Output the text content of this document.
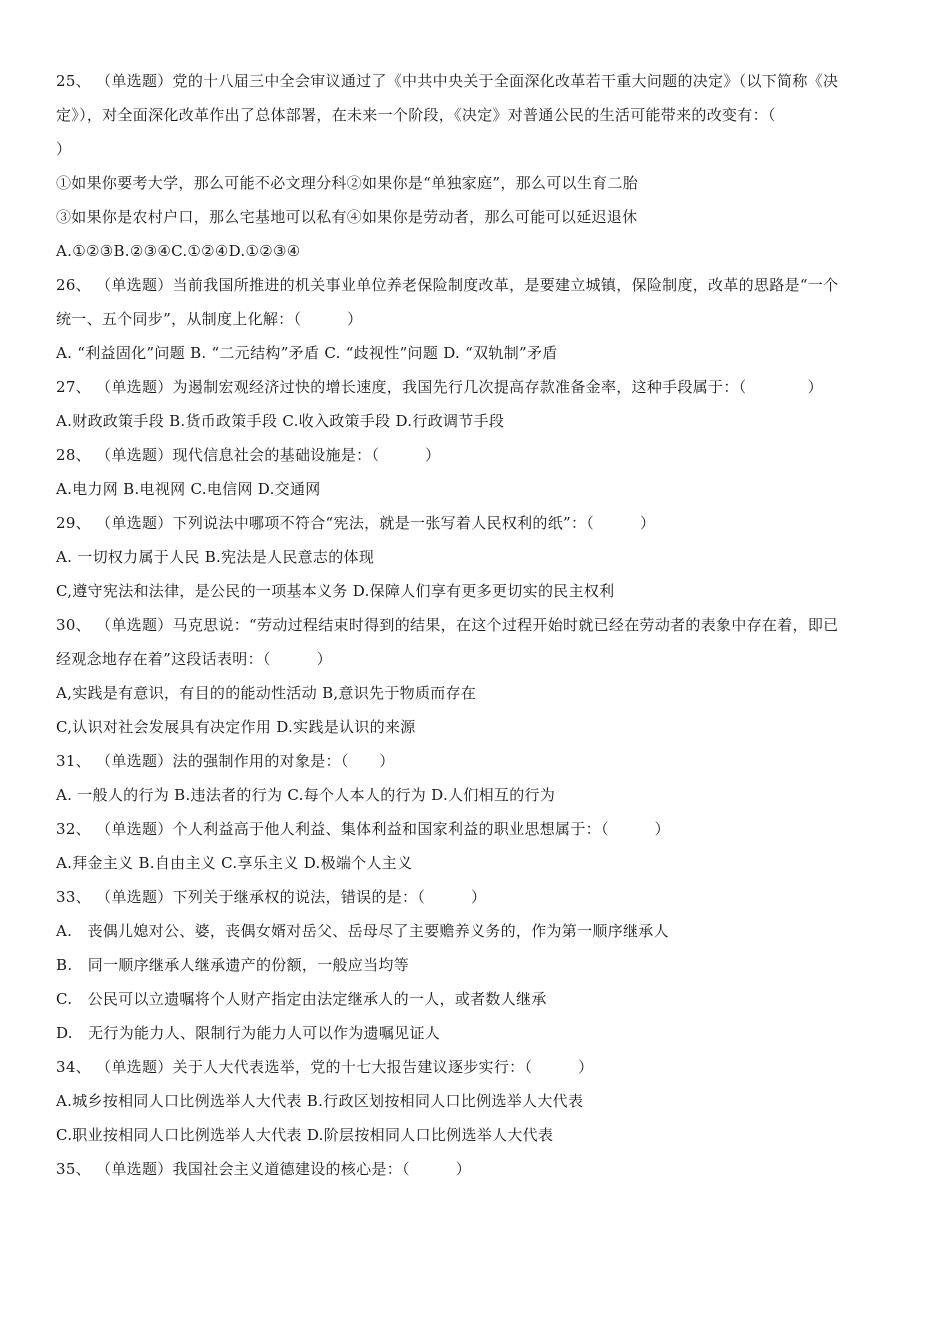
25、 （单选题）党的十八届三中全会审议通过了《中共中央关于全面深化改革若干重大问题的决定》（以下简称《决
定》），对全面深化改革作出了总体部署，在未来一个阶段，《决定》对普通公民的生活可能带来的改变有：（
）
①如果你要考大学，那么可能不必文理分科②如果你是“单独家庭”，那么可以生育二胎
③如果你是农村户口，那么宅基地可以私有④如果你是劳动者，那么可能可以延迟退休
A.①②③B.②③④C.①②④D.①②③④
26、 （单选题）当前我国所推进的机关事业单位养老保险制度改革，是要建立城镇，保险制度，改革的思路是“一个
统一、五个同步”，从制度上化解：（　　　）
A. “利益固化”问题 B. “二元结构”矛盾 C. “歧视性”问题 D. “双轨制”矛盾
27、 （单选题）为遏制宏观经济过快的增长速度，我国先行几次提高存款准备金率，这种手段属于：（　　　　）
A.财政政策手段 B.货币政策手段 C.收入政策手段 D.行政调节手段
28、 （单选题）现代信息社会的基础设施是：（　　　）
A.电力网 B.电视网 C.电信网 D.交通网
29、 （单选题）下列说法中哪项不符合“宪法，就是一张写着人民权利的纸”：（　　　）
A. 一切权力属于人民 B.宪法是人民意志的体现
C,遵守宪法和法律，是公民的一项基本义务 D.保障人们享有更多更切实的民主权利
30、 （单选题）马克思说：“劳动过程结束时得到的结果，在这个过程开始时就已经在劳动者的表象中存在着，即已
经观念地存在着”这段话表明：（　　　）
A,实践是有意识，有目的的能动性活动 B,意识先于物质而存在
C,认识对社会发展具有决定作用 D.实践是认识的来源
31、 （单选题）法的强制作用的对象是：（　　）
A. 一般人的行为 B.违法者的行为 C.每个人本人的行为 D.人们相互的行为
32、 （单选题）个人利益高于他人利益、集体利益和国家利益的职业思想属于：（　　　）
A.拜金主义 B.自由主义 C.享乐主义 D.极端个人主义
33、 （单选题）下列关于继承权的说法，错误的是：（　　　）
A.　丧偶儿媳对公、婆，丧偶女婿对岳父、岳母尽了主要赡养义务的，作为第一顺序继承人
B.　同一顺序继承人继承遗产的份额，一般应当均等
C.　公民可以立遗嘱将个人财产指定由法定继承人的一人，或者数人继承
D.　无行为能力人、限制行为能力人可以作为遗嘱见证人
34、 （单选题）关于人大代表选举，党的十七大报告建议逐步实行：（　　　）
A.城乡按相同人口比例选举人大代表 B.行政区划按相同人口比例选举人大代表
C.职业按相同人口比例选举人大代表 D.阶层按相同人口比例选举人大代表
35、 （单选题）我国社会主义道德建设的核心是：（　　　）
